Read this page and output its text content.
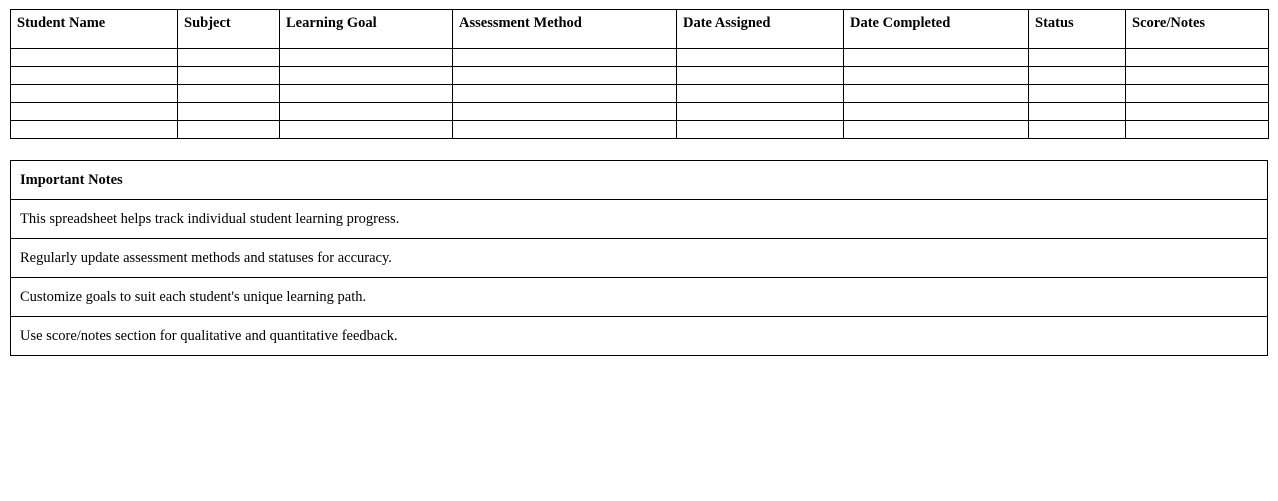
Student Name	Subject	Learning Goal	Assessment Method	Date Assigned	Date Completed	Status	Score/Notes

Important Notes
This spreadsheet helps track individual student learning progress.
Regularly update assessment methods and statuses for accuracy.
Customize goals to suit each student's unique learning path.
Use score/notes section for qualitative and quantitative feedback.
